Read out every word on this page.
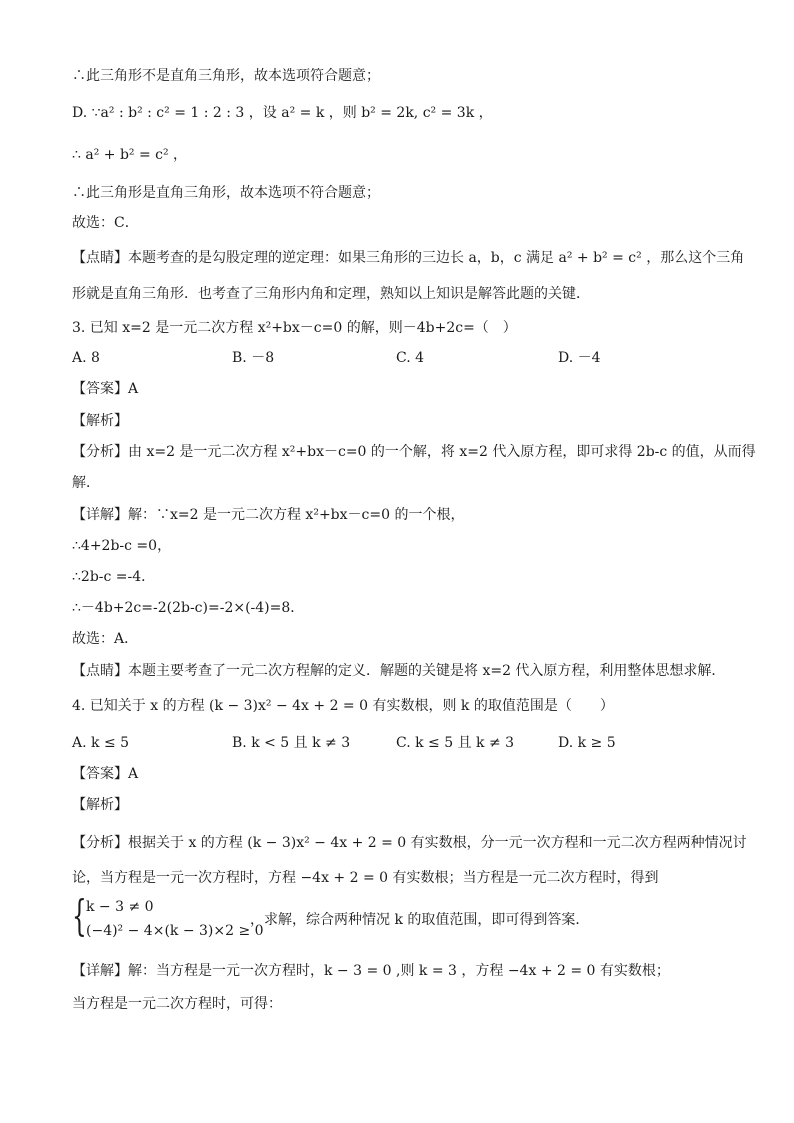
∴此三角形不是直角三角形，故本选项符合题意；
D. ∵a² : b² : c² = 1 : 2 : 3 ，设 a² = k ，则 b² = 2k, c² = 3k ，
∴ a² + b² = c² ，
∴此三角形是直角三角形，故本选项不符合题意；
故选：C．
【点睛】本题考查的是勾股定理的逆定理：如果三角形的三边长 a，b，c 满足 a² + b² = c² ，那么这个三角
形就是直角三角形．也考查了三角形内角和定理，熟知以上知识是解答此题的关键．
3. 已知 x=2 是一元二次方程 x²+bx－c=0 的解，则－4b+2c=（　）
A. 8	B. －8	C. 4	D. －4
【答案】A
【解析】
【分析】由 x=2 是一元二次方程 x²+bx－c=0 的一个解，将 x=2 代入原方程，即可求得 2b-c 的值，从而得
解．
【详解】解：∵x=2 是一元二次方程 x²+bx－c=0 的一个根，
∴4+2b-c =0，
∴2b-c =-4．
∴－4b+2c=-2(2b-c)=-2×(-4)=8．
故选：A．
【点睛】本题主要考查了一元二次方程解的定义．解题的关键是将 x=2 代入原方程，利用整体思想求解．
4. 已知关于 x 的方程 (k − 3)x² − 4x + 2 = 0 有实数根，则 k 的取值范围是（　　）
A. k ≤ 5	B. k < 5 且 k ≠ 3	C. k ≤ 5 且 k ≠ 3	D. k ≥ 5
【答案】A
【解析】
【分析】根据关于 x 的方程 (k − 3)x² − 4x + 2 = 0 有实数根，分一元一次方程和一元二次方程两种情况讨
论，当方程是一元一次方程时，方程 −4x + 2 = 0 有实数根；当方程是一元二次方程时，得到
{ k − 3 ≠ 0
(−4)² − 4×(k − 3)×2 ≥ 0
，求解，综合两种情况 k 的取值范围，即可得到答案．
【详解】解：当方程是一元一次方程时，k − 3 = 0 ,则 k = 3 ，方程 −4x + 2 = 0 有实数根；
当方程是一元二次方程时，可得：
